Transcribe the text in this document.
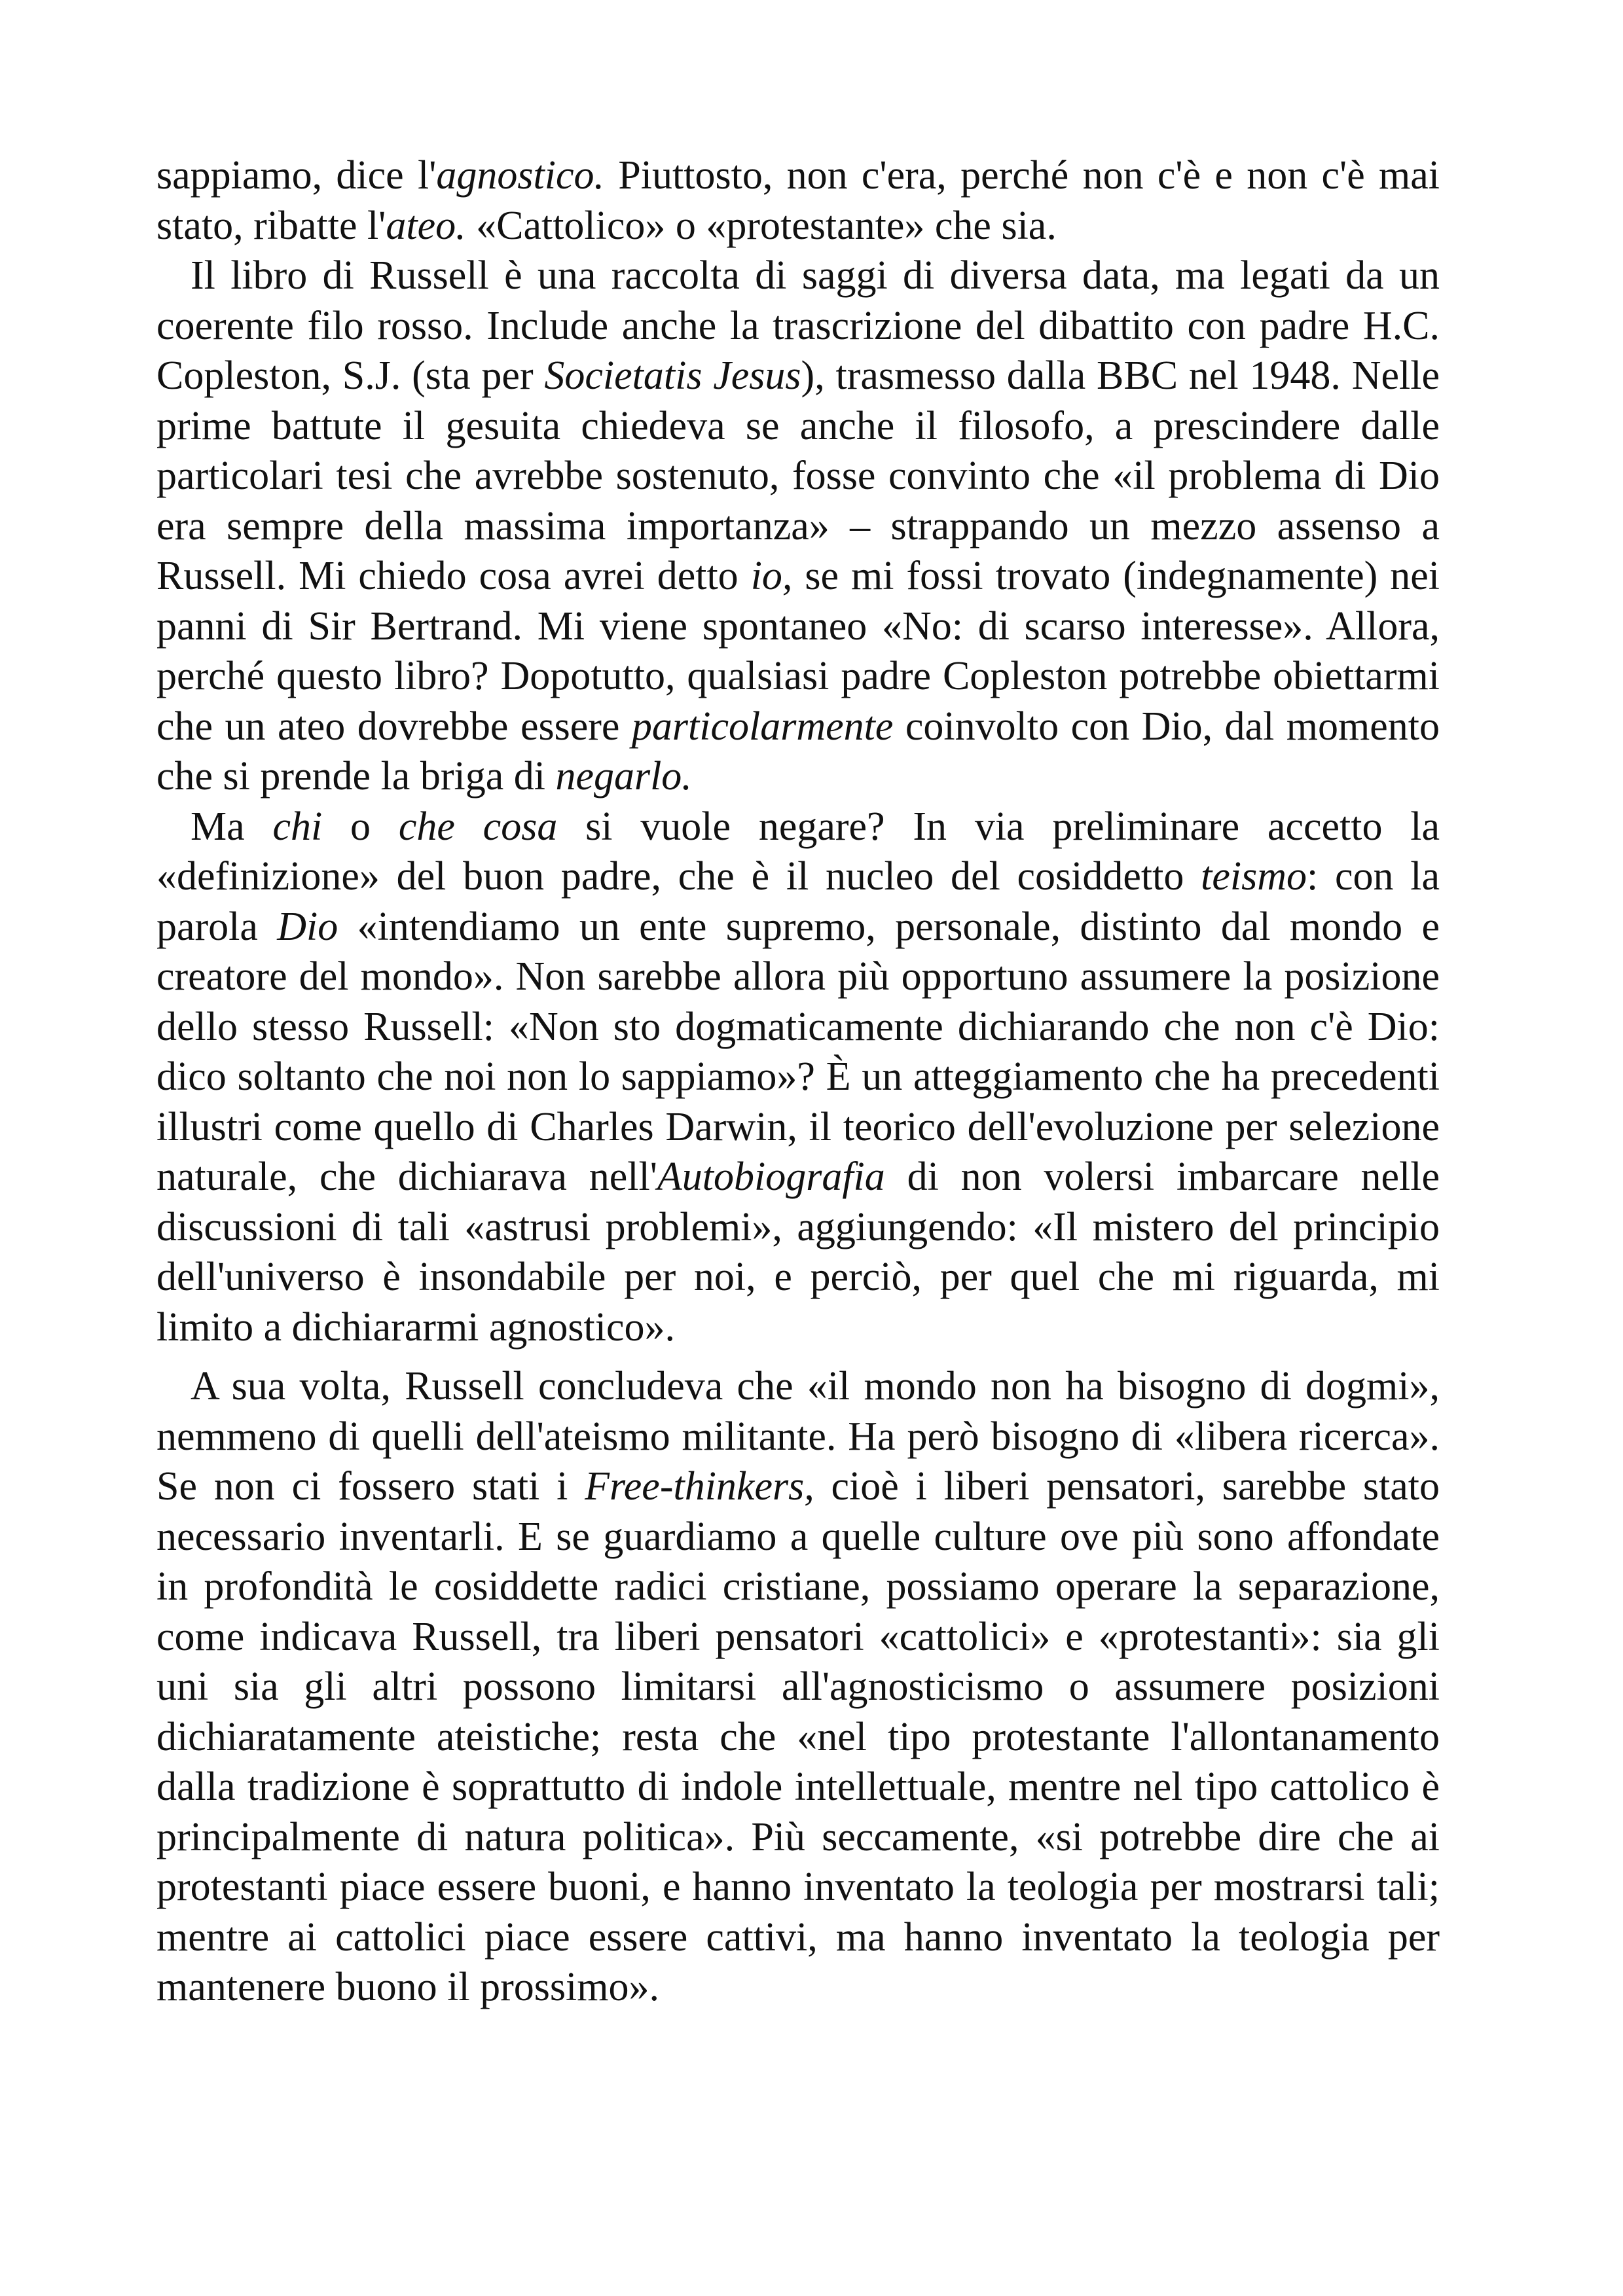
sappiamo, dice l'agnostico. Piuttosto, non c'era, perché non c'è e non c'è mai stato, ribatte l'ateo. «Cattolico» o «protestante» che sia.

Il libro di Russell è una raccolta di saggi di diversa data, ma legati da un coerente filo rosso. Include anche la trascrizione del dibattito con padre H.C. Copleston, S.J. (sta per Societatis Jesus), trasmesso dalla BBC nel 1948. Nelle prime battute il gesuita chiedeva se anche il filosofo, a prescindere dalle particolari tesi che avrebbe sostenuto, fosse convinto che «il problema di Dio era sempre della massima importanza» – strappando un mezzo assenso a Russell. Mi chiedo cosa avrei detto io, se mi fossi trovato (indegnamente) nei panni di Sir Bertrand. Mi viene spontaneo «No: di scarso interesse». Allora, perché questo libro? Dopotutto, qualsiasi padre Copleston potrebbe obiettarmi che un ateo dovrebbe essere particolarmente coinvolto con Dio, dal momento che si prende la briga di negarlo.

Ma chi o che cosa si vuole negare? In via preliminare accetto la «definizione» del buon padre, che è il nucleo del cosiddetto teismo: con la parola Dio «intendiamo un ente supremo, personale, distinto dal mondo e creatore del mondo». Non sarebbe allora più opportuno assumere la posizione dello stesso Russell: «Non sto dogmaticamente dichiarando che non c'è Dio: dico soltanto che noi non lo sappiamo»? È un atteggiamento che ha precedenti illustri come quello di Charles Darwin, il teorico dell'evoluzione per selezione naturale, che dichiarava nell'Autobiografia di non volersi imbarcare nelle discussioni di tali «astrusi problemi», aggiungendo: «Il mistero del principio dell'universo è insondabile per noi, e perciò, per quel che mi riguarda, mi limito a dichiararmi agnostico».

A sua volta, Russell concludeva che «il mondo non ha bisogno di dogmi», nemmeno di quelli dell'ateismo militante. Ha però bisogno di «libera ricerca». Se non ci fossero stati i Free-thinkers, cioè i liberi pensatori, sarebbe stato necessario inventarli. E se guardiamo a quelle culture ove più sono affondate in profondità le cosiddette radici cristiane, possiamo operare la separazione, come indicava Russell, tra liberi pensatori «cattolici» e «protestanti»: sia gli uni sia gli altri possono limitarsi all'agnosticismo o assumere posizioni dichiaratamente ateistiche; resta che «nel tipo protestante l'allontanamento dalla tradizione è soprattutto di indole intellettuale, mentre nel tipo cattolico è principalmente di natura politica». Più seccamente, «si potrebbe dire che ai protestanti piace essere buoni, e hanno inventato la teologia per mostrarsi tali; mentre ai cattolici piace essere cattivi, ma hanno inventato la teologia per mantenere buono il prossimo».
